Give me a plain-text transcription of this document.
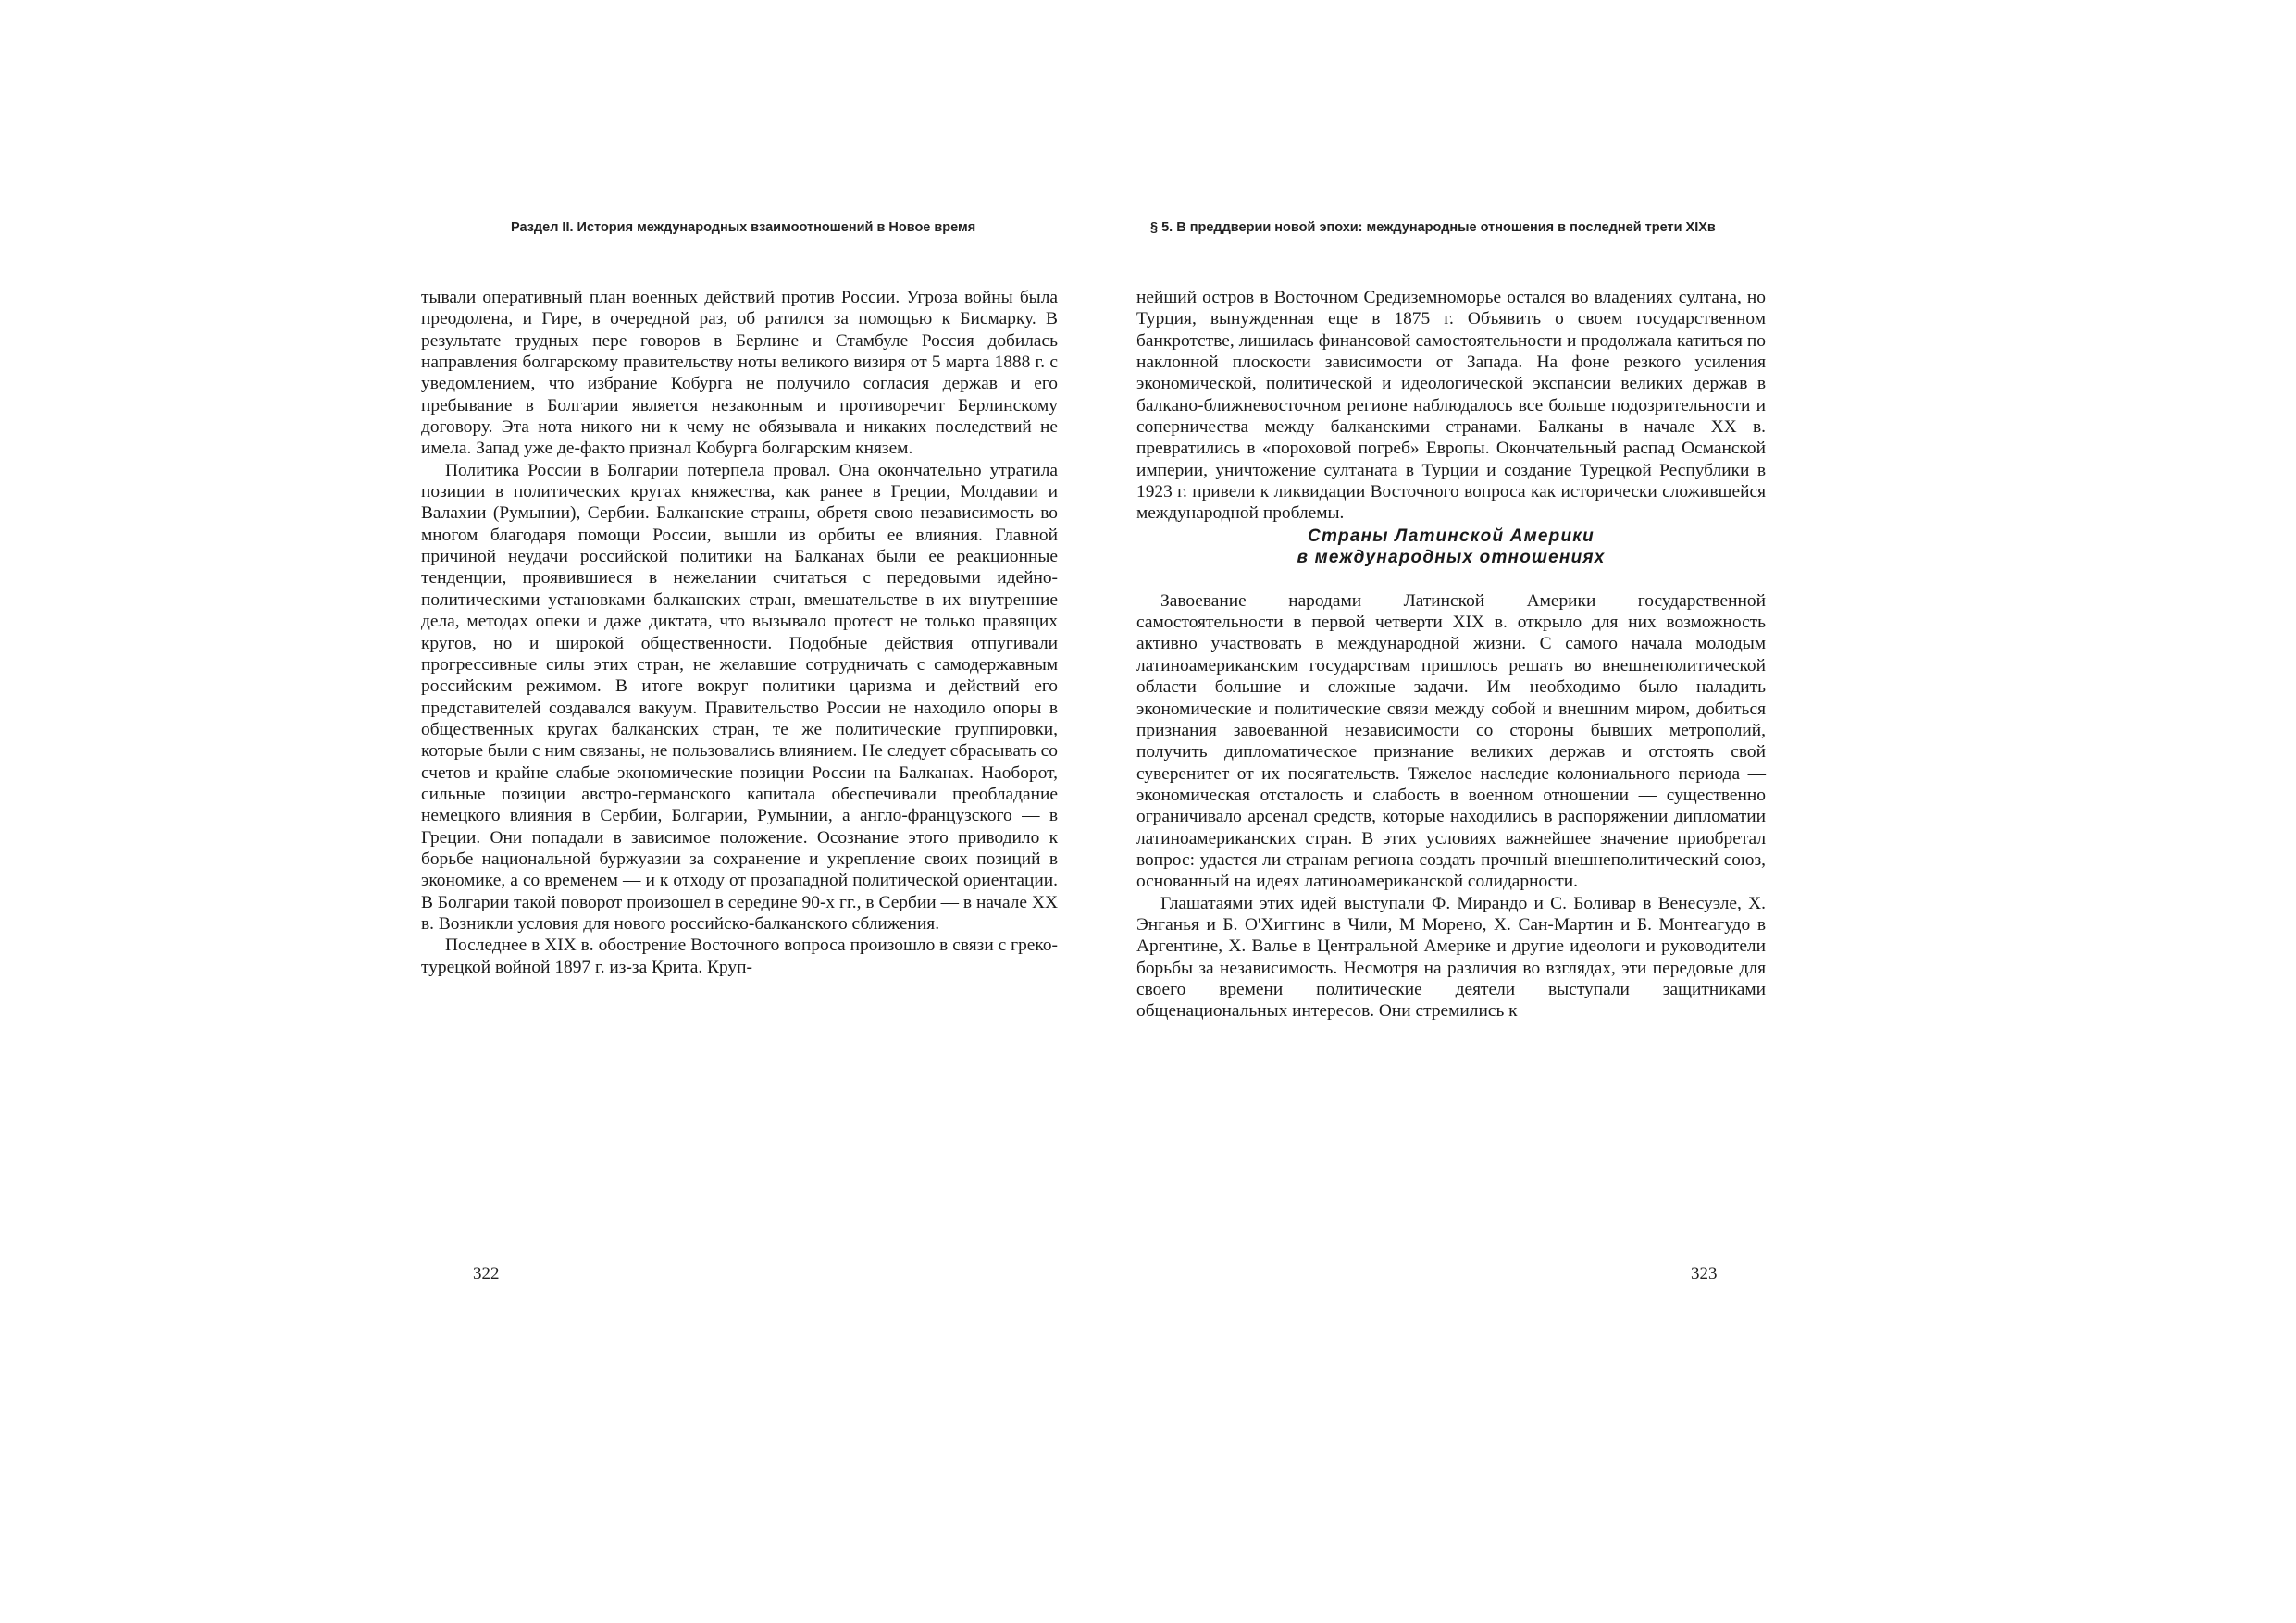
Раздел II. История международных взаимоотношений в Новое время

тывали оперативный план военных действий против России. Угроза войны была преодолена, и Гире, в очередной раз, об ратился за помощью к Бисмарку. В результате трудных пере говоров в Берлине и Стамбуле Россия добилась направления болгарскому правительству ноты великого визиря от 5 марта 1888 г. с уведомлением, что избрание Кобурга не получило согласия держав и его пребывание в Болгарии является незаконным и противоречит Берлинскому договору. Эта нота никого ни к чему не обязывала и никаких последствий не имела. Запад уже де-факто признал Кобурга болгарским князем.

Политика России в Болгарии потерпела провал. Она окончательно утратила позиции в политических кругах княжества, как ранее в Греции, Молдавии и Валахии (Румынии), Сербии. Балканские страны, обретя свою независимость во многом благодаря помощи России, вышли из орбиты ее влияния. Главной причиной неудачи российской политики на Балканах были ее реакционные тенденции, проявившиеся в нежелании считаться с передовыми идейно-политическими установками балканских стран, вмешательстве в их внутренние дела, методах опеки и даже диктата, что вызывало протест не только правящих кругов, но и широкой общественности. Подобные действия отпугивали прогрессивные силы этих стран, не желавшие сотрудничать с самодержавным российским режимом. В итоге вокруг политики царизма и действий его представителей создавался вакуум. Правительство России не находило опоры в общественных кругах балканских стран, те же политические группировки, которые были с ним связаны, не пользовались влиянием. Не следует сбрасывать со счетов и крайне слабые экономические позиции России на Балканах. Наоборот, сильные позиции австро-германского капитала обеспечивали преобладание немецкого влияния в Сербии, Болгарии, Румынии, а англо-французского — в Греции. Они попадали в зависимое положение. Осознание этого приводило к борьбе национальной буржуазии за сохранение и укрепление своих позиций в экономике, а со временем — и к отходу от прозападной политической ориентации. В Болгарии такой поворот произошел в середине 90-х гг., в Сербии — в начале XX в. Возникли условия для нового российско-балканского сближения.

Последнее в XIX в. обострение Восточного вопроса произошло в связи с греко-турецкой войной 1897 г. из-за Крита. Круп-

322
§ 5. В преддверии новой эпохи: международные отношения в последней трети XIXв

нейший остров в Восточном Средиземноморье остался во владениях султана, но Турция, вынужденная еще в 1875 г. Объявить о своем государственном банкротстве, лишилась финансовой самостоятельности и продолжала катиться по наклонной плоскости зависимости от Запада. На фоне резкого усиления экономической, политической и идеологической экспансии великих держав в балкано-ближневосточном регионе наблюдалось все больше подозрительности и соперничества между балканскими странами. Балканы в начале XX в. превратились в «пороховой погреб» Европы. Окончательный распад Османской империи, уничтожение султаната в Турции и создание Турецкой Республики в 1923 г. привели к ликвидации Восточного вопроса как исторически сложившейся международной проблемы.

Страны Латинской Америки
в международных отношениях

Завоевание народами Латинской Америки государственной самостоятельности в первой четверти XIX в. открыло для них возможность активно участвовать в международной жизни. С самого начала молодым латиноамериканским государствам пришлось решать во внешнеполитической области большие и сложные задачи. Им необходимо было наладить экономические и политические связи между собой и внешним миром, добиться признания завоеванной независимости со стороны бывших метрополий, получить дипломатическое признание великих держав и отстоять свой суверенитет от их посягательств. Тяжелое наследие колониального периода — экономическая отсталость и слабость в военном отношении — существенно ограничивало арсенал средств, которые находились в распоряжении дипломатии латиноамериканских стран. В этих условиях важнейшее значение приобретал вопрос: удастся ли странам региона создать прочный внешнеполитический союз, основанный на идеях латиноамериканской солидарности.

Глашатаями этих идей выступали Ф. Мирандо и С. Боливар в Венесуэле, Х. Энганья и Б. О'Хиггинс в Чили, М Морено, Х. Сан-Мартин и Б. Монтеагудо в Аргентине, Х. Валье в Центральной Америке и другие идеологи и руководители борьбы за независимость. Несмотря на различия во взглядах, эти передовые для своего времени политические деятели выступали защитниками общенациональных интересов. Они стремились к

323
